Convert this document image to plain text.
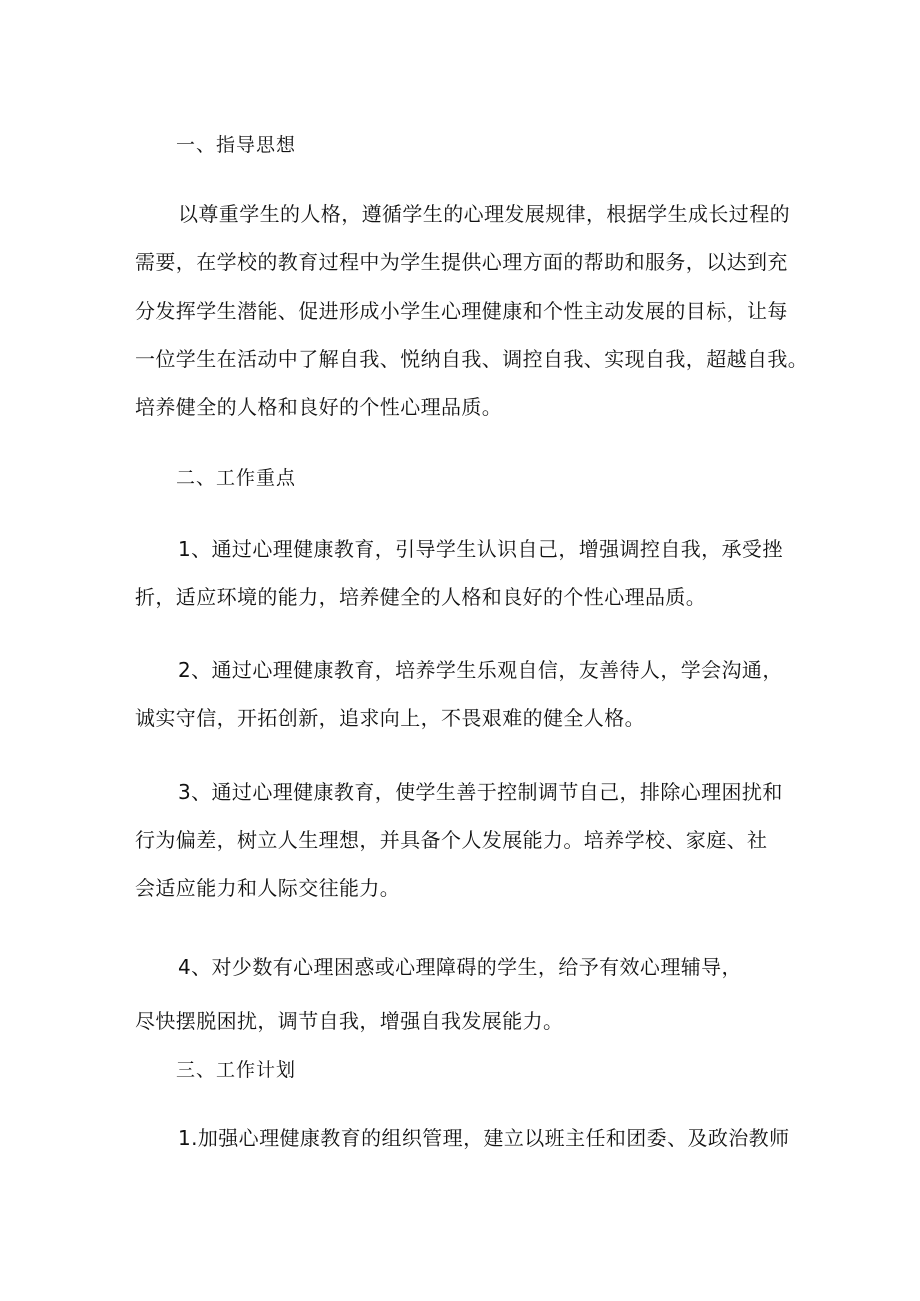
一、指导思想
以尊重学生的人格，遵循学生的心理发展规律，根据学生成长过程的
需要，在学校的教育过程中为学生提供心理方面的帮助和服务，以达到充
分发挥学生潜能、促进形成小学生心理健康和个性主动发展的目标，让每
一位学生在活动中了解自我、悦纳自我、调控自我、实现自我，超越自我。
培养健全的人格和良好的个性心理品质。
二、工作重点
1、通过心理健康教育，引导学生认识自己，增强调控自我，承受挫
折，适应环境的能力，培养健全的人格和良好的个性心理品质。
2、通过心理健康教育，培养学生乐观自信，友善待人，学会沟通，
诚实守信，开拓创新，追求向上，不畏艰难的健全人格。
3、通过心理健康教育，使学生善于控制调节自己，排除心理困扰和
行为偏差，树立人生理想，并具备个人发展能力。培养学校、家庭、社
会适应能力和人际交往能力。
4、对少数有心理困惑或心理障碍的学生，给予有效心理辅导，
尽快摆脱困扰，调节自我，增强自我发展能力。
三、工作计划
1.加强心理健康教育的组织管理，建立以班主任和团委、及政治教师
